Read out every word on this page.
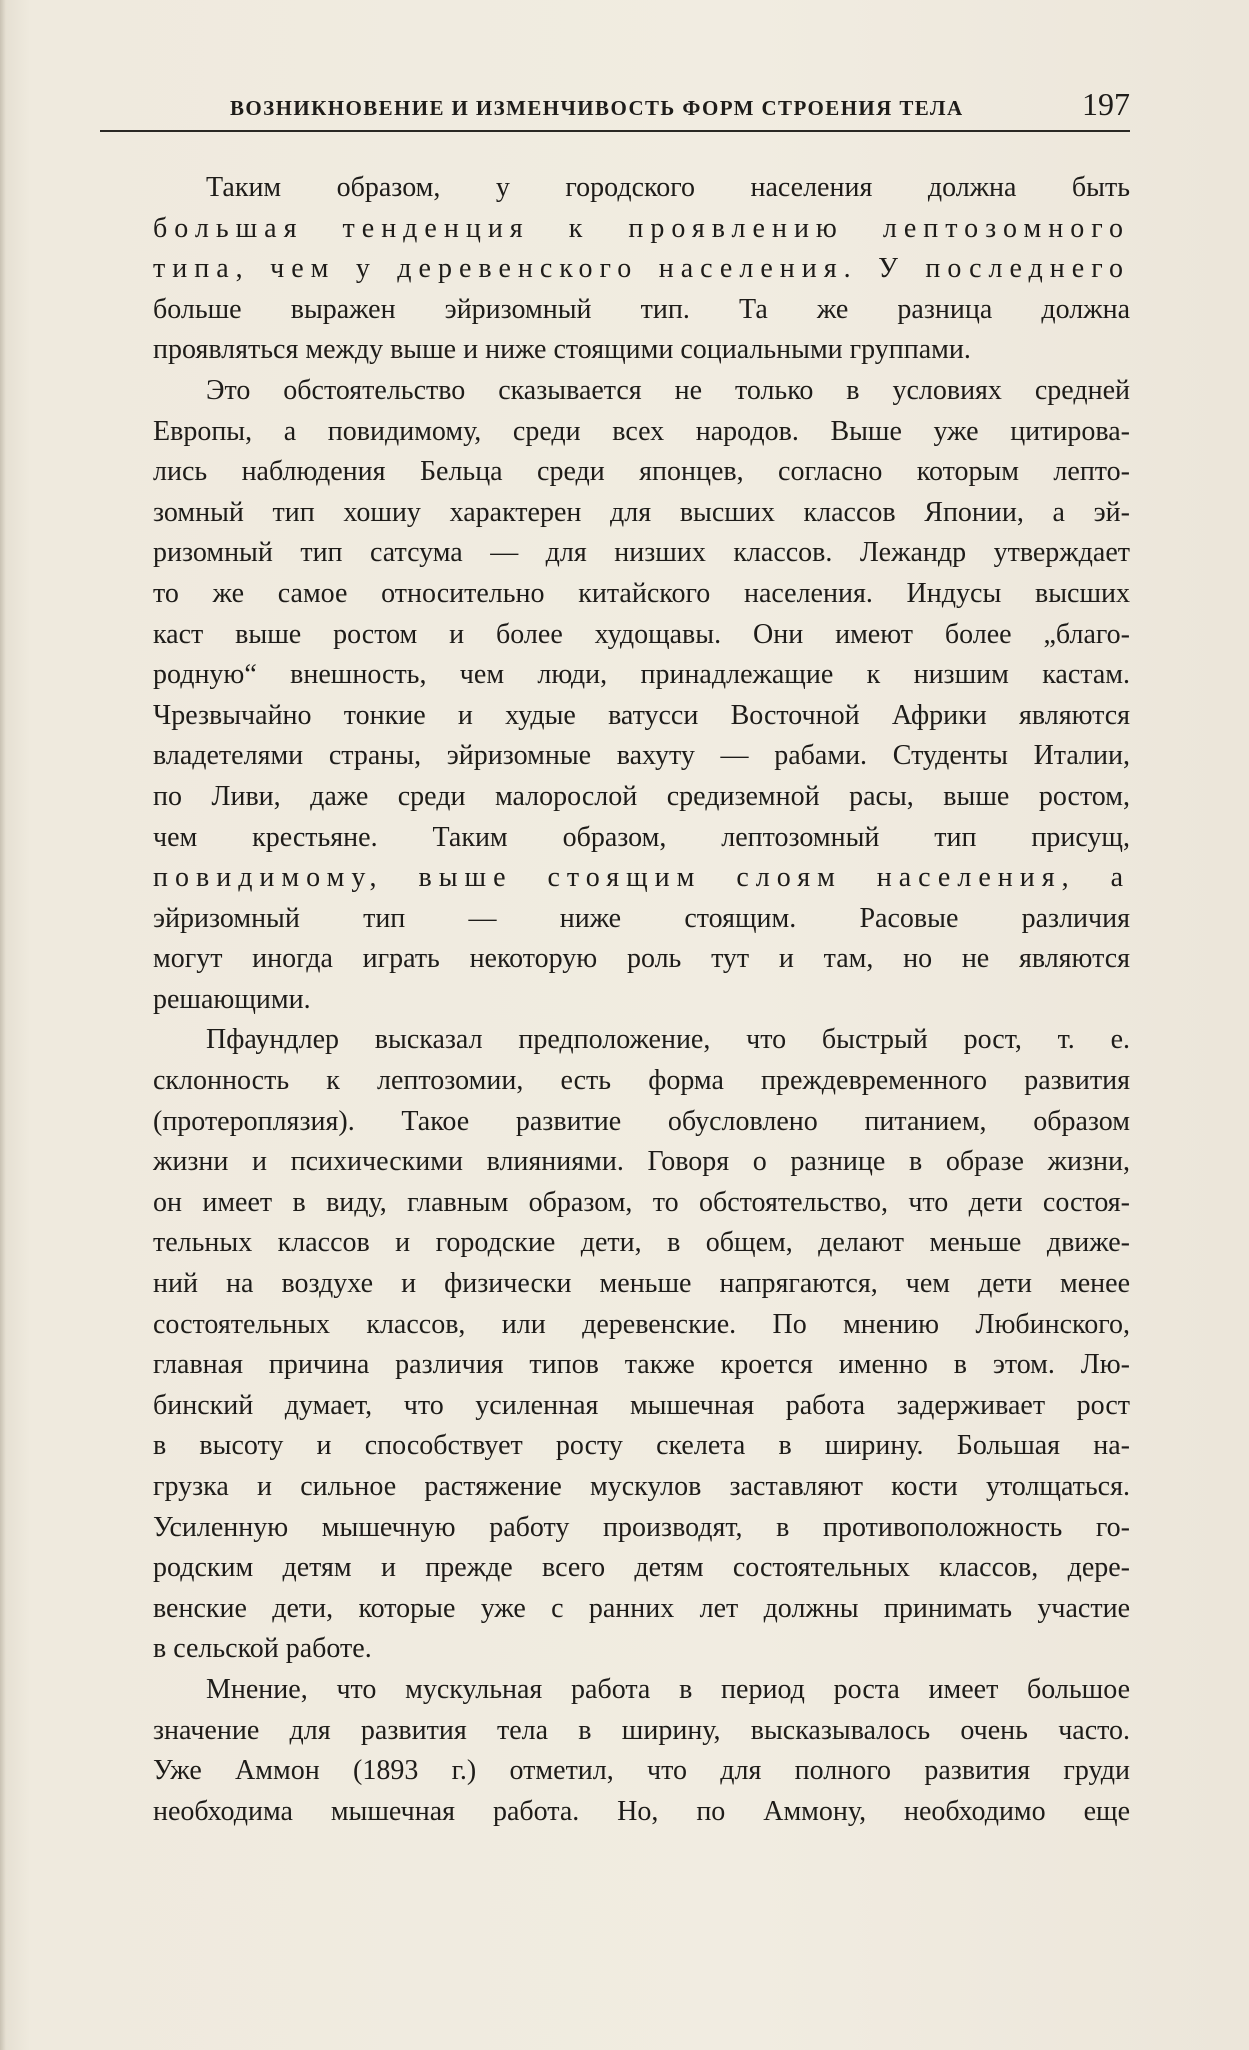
ВОЗНИКНОВЕНИЕ И ИЗМЕНЧИВОСТЬ ФОРМ СТРОЕНИЯ ТЕЛА	197
Таким образом, у городского населения должна быть
большая тенденция к проявлению лептозомного
типа, чем у деревенского населения. У последнего
больше выражен эйризомный тип. Та же разница должна
проявляться между выше и ниже стоящими социальными группами.
Это обстоятельство сказывается не только в условиях средней
Европы, а повидимому, среди всех народов. Выше уже цитирова-
лись наблюдения Бельца среди японцев, согласно которым лепто-
зомный тип хошиу характерен для высших классов Японии, а эй-
ризомный тип сатсума — для низших классов. Лежандр утверждает
то же самое относительно китайского населения. Индусы высших
каст выше ростом и более худощавы. Они имеют более „благо-
родную“ внешность, чем люди, принадлежащие к низшим кастам.
Чрезвычайно тонкие и худые ватусси Восточной Африки являются
владетелями страны, эйризомные вахуту — рабами. Студенты Италии,
по Ливи, даже среди малорослой средиземной расы, выше ростом,
чем крестьяне. Таким образом, лептозомный тип присущ,
повидимому, выше стоящим слоям населения, а
эйризомный тип — ниже стоящим. Расовые различия
могут иногда играть некоторую роль тут и там, но не являются
решающими.
Пфаундлер высказал предположение, что быстрый рост, т. е.
склонность к лептозомии, есть форма преждевременного развития
(протероплязия). Такое развитие обусловлено питанием, образом
жизни и психическими влияниями. Говоря о разнице в образе жизни,
он имеет в виду, главным образом, то обстоятельство, что дети состоя-
тельных классов и городские дети, в общем, делают меньше движе-
ний на воздухе и физически меньше напрягаются, чем дети менее
состоятельных классов, или деревенские. По мнению Любинского,
главная причина различия типов также кроется именно в этом. Лю-
бинский думает, что усиленная мышечная работа задерживает рост
в высоту и способствует росту скелета в ширину. Большая на-
грузка и сильное растяжение мускулов заставляют кости утолщаться.
Усиленную мышечную работу производят, в противоположность го-
родским детям и прежде всего детям состоятельных классов, дере-
венские дети, которые уже с ранних лет должны принимать участие
в сельской работе.
Мнение, что мускульная работа в период роста имеет большое
значение для развития тела в ширину, высказывалось очень часто.
Уже Аммон (1893 г.) отметил, что для полного развития груди
необходима мышечная работа. Но, по Аммону, необходимо еще
